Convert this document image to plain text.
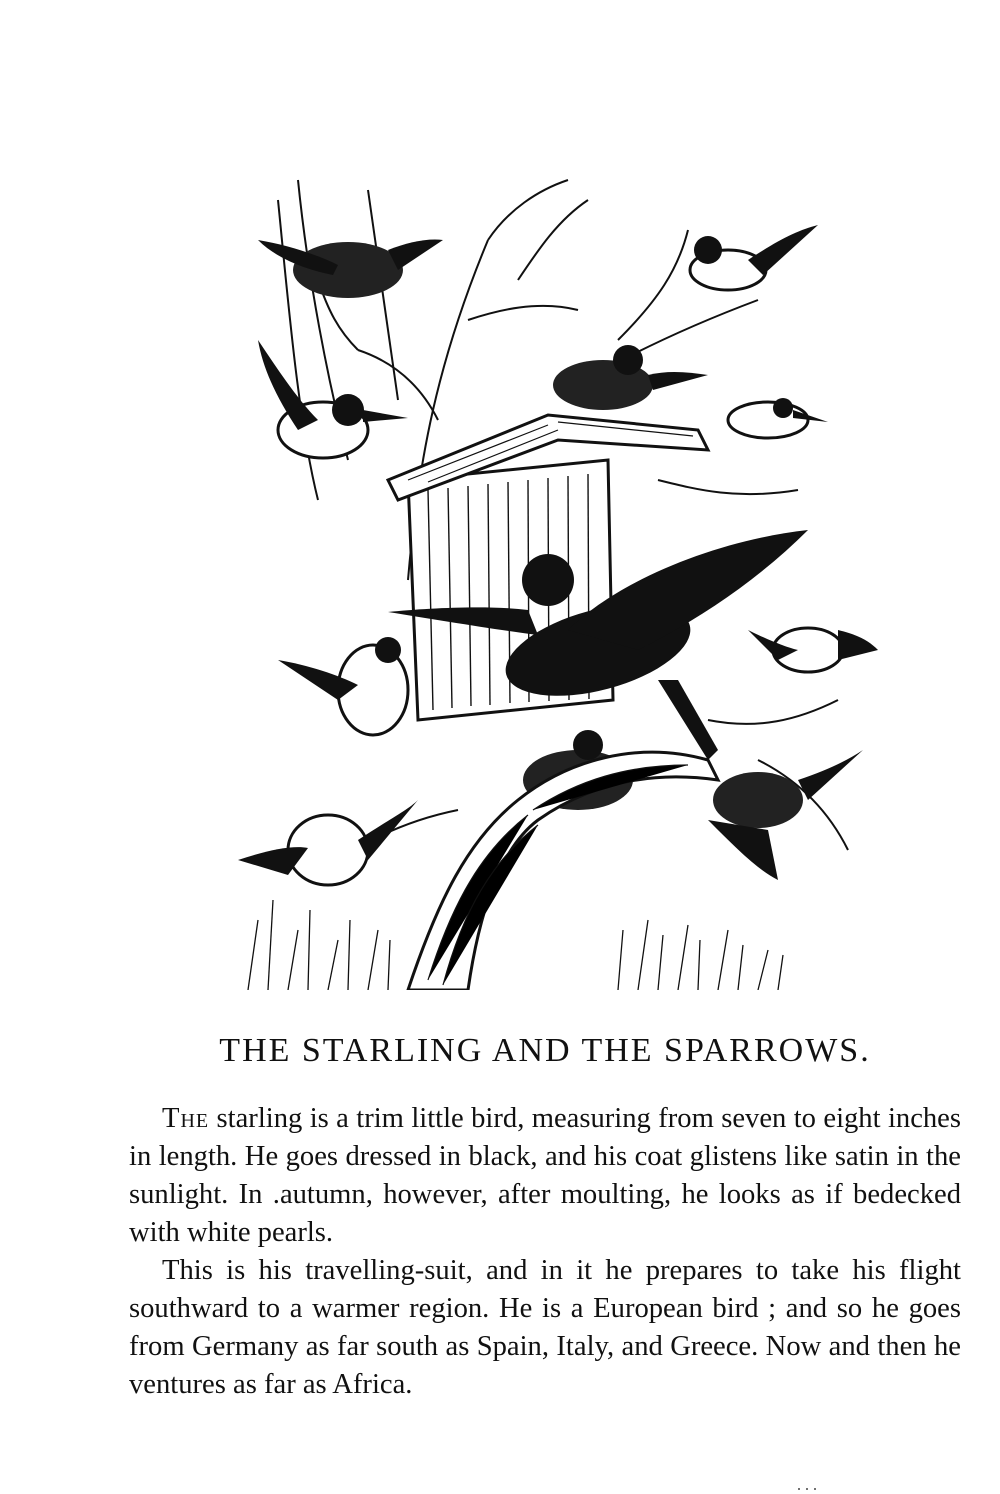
THE STARLING AND THE SPARROWS.

The starling is a trim little bird, measuring from seven to eight inches in length. He goes dressed in black, and his coat glistens like satin in the sunlight. In .autumn, however, after moulting, he looks as if bedecked with white pearls.

This is his travelling-suit, and in it he prepares to take his flight southward to a warmer region. He is a European bird ; and so he goes from Germany as far south as Spain, Italy, and Greece. Now and then he ventures as far as Africa.
